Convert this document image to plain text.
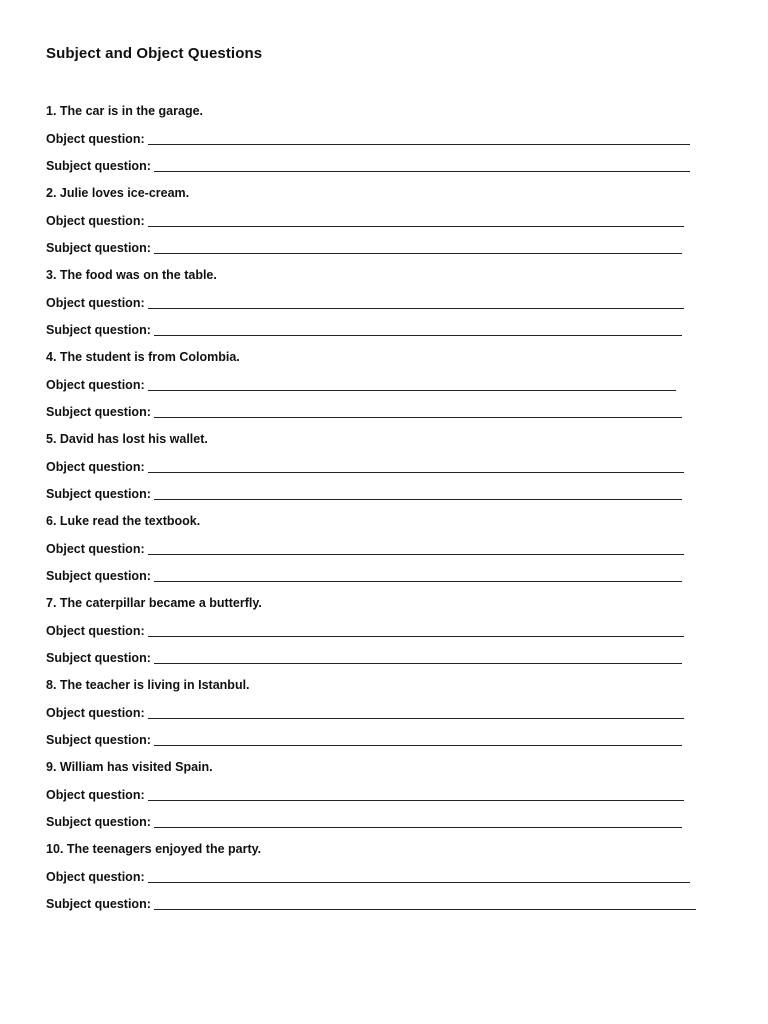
Subject and Object Questions
1. The car is in the garage.
Object question:
Subject question:
2. Julie loves ice-cream.
Object question:
Subject question:
3. The food was on the table.
Object question:
Subject question:
4. The student is from Colombia.
Object question:
Subject question:
5. David has lost his wallet.
Object question:
Subject question:
6. Luke read the textbook.
Object question:
Subject question:
7. The caterpillar became a butterfly.
Object question:
Subject question:
8. The teacher is living in Istanbul.
Object question:
Subject question:
9. William has visited Spain.
Object question:
Subject question:
10. The teenagers enjoyed the party.
Object question:
Subject question:
